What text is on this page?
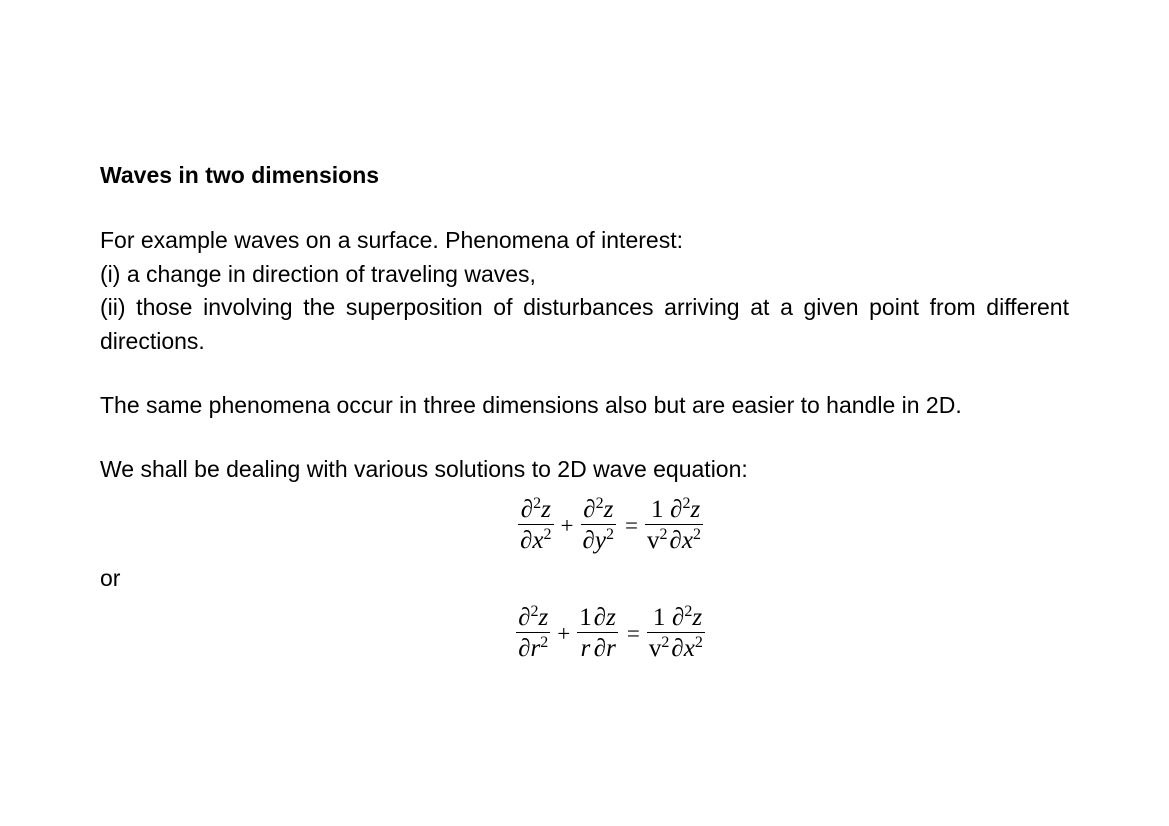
Waves in two dimensions

For example waves on a surface. Phenomena of interest:

(i) a change in direction of traveling waves,

(ii) those involving the superposition of disturbances arriving at a given point from different directions.

The same phenomena occur in three dimensions also but are easier to handle in 2D.

We shall be dealing with various solutions to 2D wave equation:

$\frac{\partial^2z}{\partial x^2} + \frac{\partial^2z}{\partial y^2} = \frac{1}{v^2} \frac{\partial^2z}{\partial x^2}$

or

$\frac{\partial^2z}{\partial r^2} + \frac{1}{r} \frac{\partial z}{\partial r} = \frac{1}{v^2} \frac{\partial^2z}{\partial x^2}$
